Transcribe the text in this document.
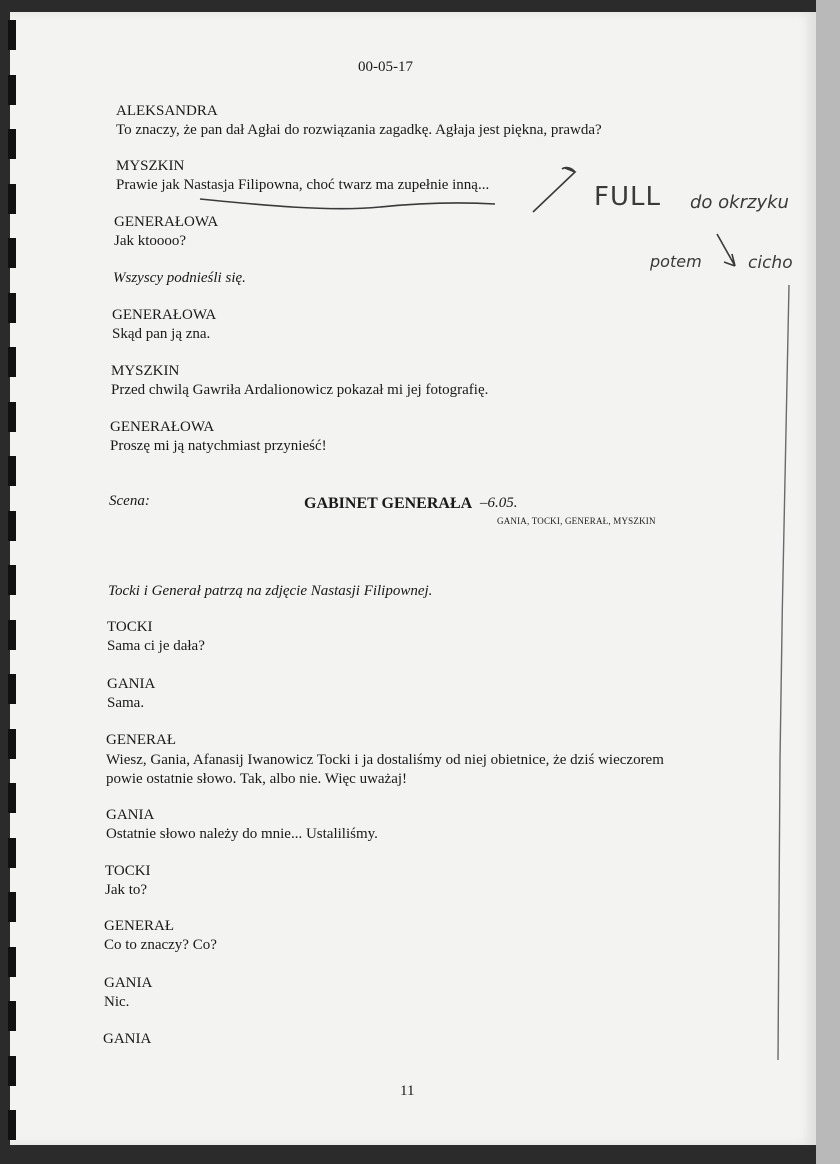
00-05-17
ALEKSANDRA
To znaczy, że pan dał Agłai do rozwiązania zagadkę. Agłaja jest piękna, prawda?
MYSZKIN
Prawie jak Nastasja Filipowna, choć twarz ma zupełnie inną...
GENERAŁOWA
Jak ktoooo?
Wszyscy podnieśli się.
GENERAŁOWA
Skąd pan ją zna.
MYSZKIN
Przed chwilą Gawriła Ardalionowicz pokazał mi jej fotografię.
GENERAŁOWA
Proszę mi ją natychmiast przynieść!
Scena:	GABINET GENERAŁA –6.05.
GANIA, TOCKI, GENERAŁ, MYSZKIN
Tocki i Generał patrzą na zdjęcie Nastasji Filipownej.
TOCKI
Sama ci je dała?
GANIA
Sama.
GENERAŁ
Wiesz, Gania, Afanasij Iwanowicz Tocki i ja dostaliśmy od niej obietnice, że dziś wieczorem
powie ostatnie słowo. Tak, albo nie. Więc uważaj!
GANIA
Ostatnie słowo należy do mnie... Ustaliliśmy.
TOCKI
Jak to?
GENERAŁ
Co to znaczy? Co?
GANIA
Nic.
GANIA
11
FULL do okrzyku
potem	cicho
